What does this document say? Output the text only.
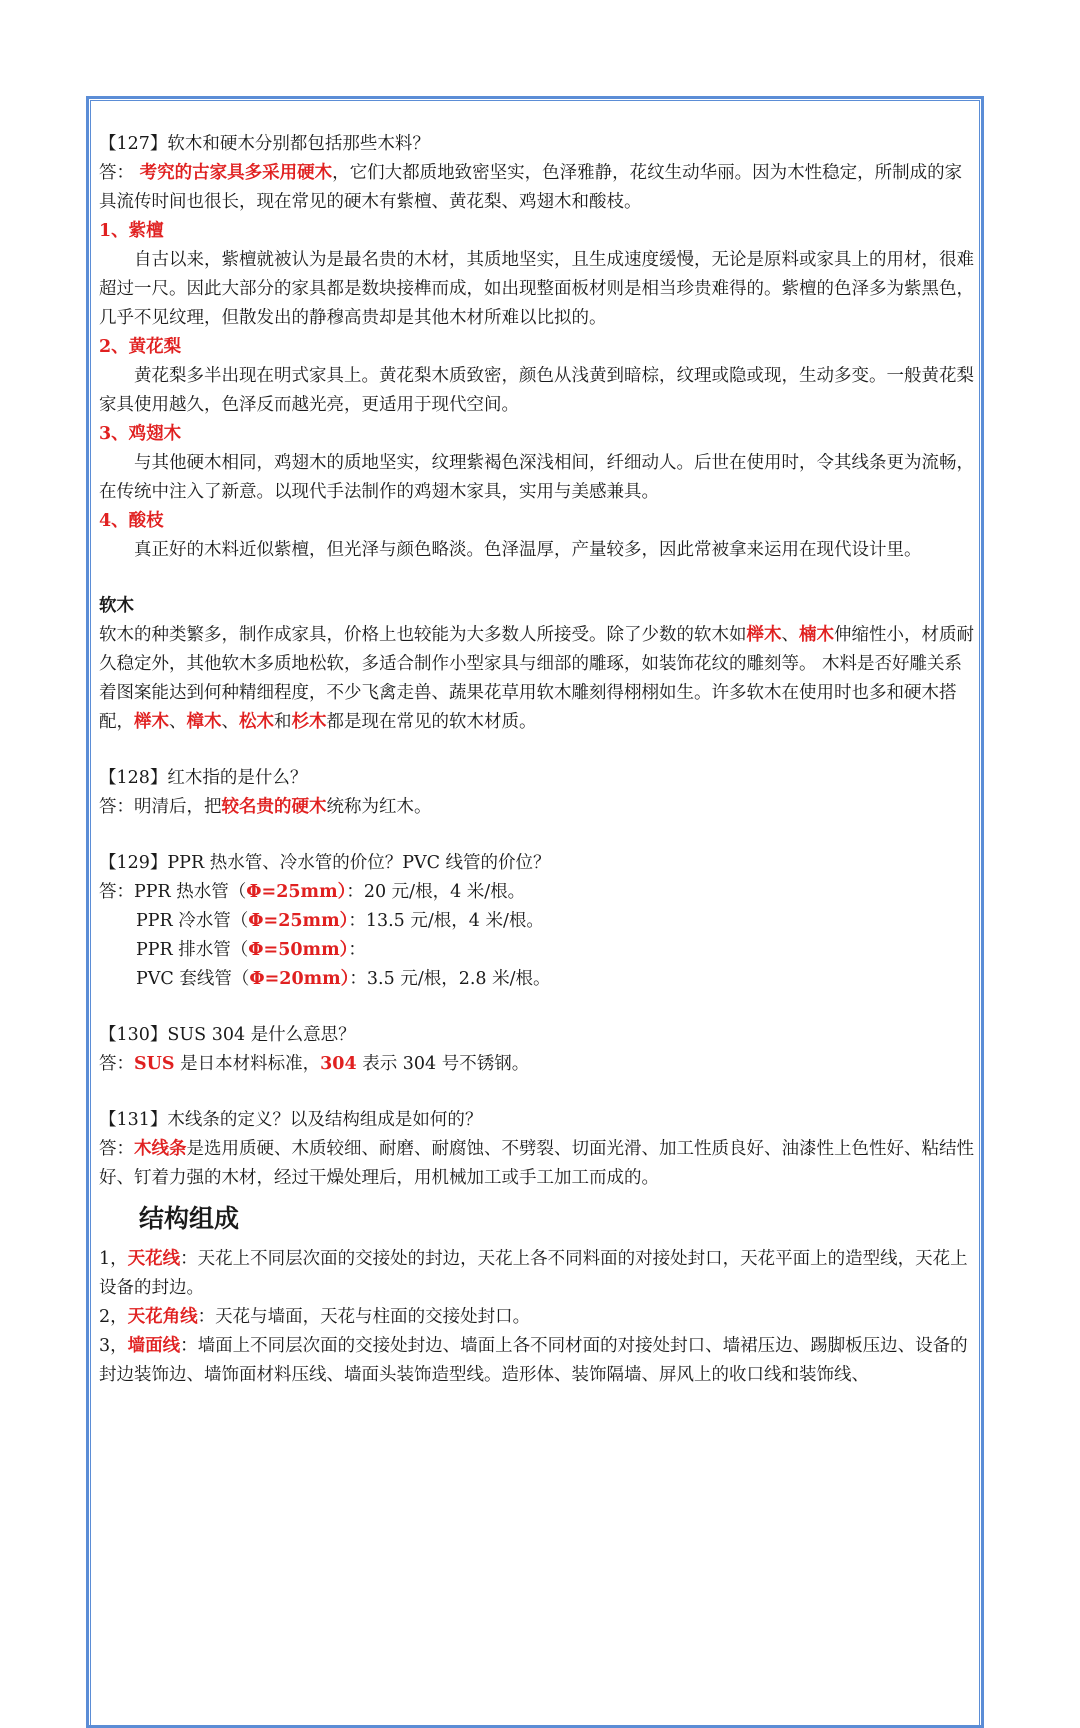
【127】软木和硬木分别都包括那些木料？

答： 考究的古家具多采用硬木，它们大都质地致密坚实，色泽雅静，花纹生动华丽。因为木性稳定，所制成的家具流传时间也很长，现在常见的硬木有紫檀、黄花梨、鸡翅木和酸枝。

1、紫檀

自古以来，紫檀就被认为是最名贵的木材，其质地坚实，且生成速度缓慢，无论是原料或家具上的用材，很难超过一尺。因此大部分的家具都是数块接榫而成，如出现整面板材则是相当珍贵难得的。紫檀的色泽多为紫黑色，几乎不见纹理，但散发出的静穆高贵却是其他木材所难以比拟的。

2、黄花梨

黄花梨多半出现在明式家具上。黄花梨木质致密，颜色从浅黄到暗棕，纹理或隐或现，生动多变。一般黄花梨家具使用越久，色泽反而越光亮，更适用于现代空间。

3、鸡翅木

与其他硬木相同，鸡翅木的质地坚实，纹理紫褐色深浅相间，纤细动人。后世在使用时，令其线条更为流畅，在传统中注入了新意。以现代手法制作的鸡翅木家具，实用与美感兼具。

4、酸枝

真正好的木料近似紫檀，但光泽与颜色略淡。色泽温厚，产量较多，因此常被拿来运用在现代设计里。

软木

软木的种类繁多，制作成家具，价格上也较能为大多数人所接受。除了少数的软木如榉木、楠木伸缩性小，材质耐久稳定外，其他软木多质地松软，多适合制作小型家具与细部的雕琢，如装饰花纹的雕刻等。 木料是否好雕关系着图案能达到何种精细程度，不少飞禽走兽、蔬果花草用软木雕刻得栩栩如生。许多软木在使用时也多和硬木搭配，榉木、樟木、松木和杉木都是现在常见的软木材质。

【128】红木指的是什么？

答：明清后，把较名贵的硬木统称为红木。

【129】PPR 热水管、冷水管的价位？PVC 线管的价位？

答：PPR 热水管（Φ=25mm）：20 元/根，4 米/根。

PPR 冷水管（Φ=25mm）：13.5 元/根，4 米/根。

PPR 排水管（Φ=50mm）：

PVC 套线管（Φ=20mm）：3.5 元/根，2.8 米/根。

【130】SUS 304 是什么意思？

答：SUS 是日本材料标准，304 表示 304 号不锈钢。

【131】木线条的定义？以及结构组成是如何的？

答：木线条是选用质硬、木质较细、耐磨、耐腐蚀、不劈裂、切面光滑、加工性质良好、油漆性上色性好、粘结性好、钉着力强的木材，经过干燥处理后，用机械加工或手工加工而成的。

结构组成

1，天花线：天花上不同层次面的交接处的封边，天花上各不同料面的对接处封口，天花平面上的造型线，天花上设备的封边。

2，天花角线：天花与墙面，天花与柱面的交接处封口。

3，墙面线：墙面上不同层次面的交接处封边、墙面上各不同材面的对接处封口、墙裙压边、踢脚板压边、设备的封边装饰边、墙饰面材料压线、墙面头装饰造型线。造形体、装饰隔墙、屏风上的收口线和装饰线、
